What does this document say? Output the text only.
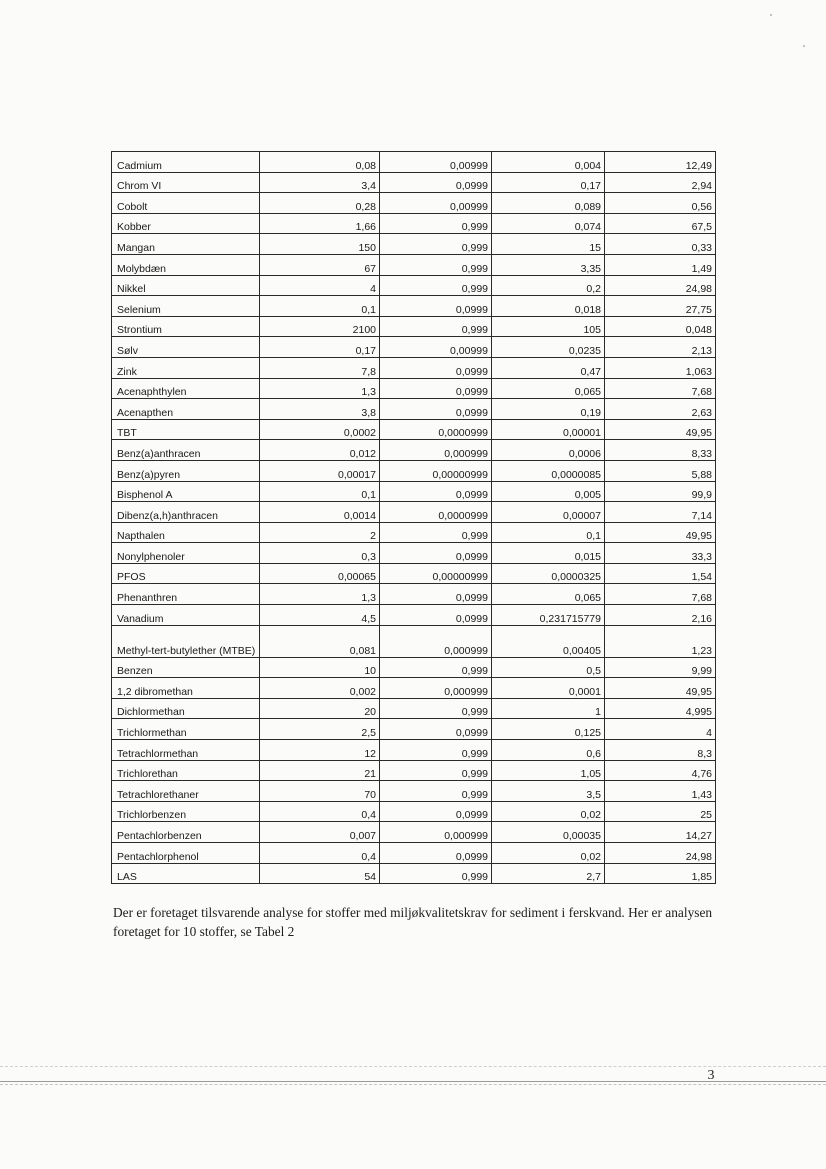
Cadmium	0,08	0,00999	0,004	12,49
Chrom VI	3,4	0,0999	0,17	2,94
Cobolt	0,28	0,00999	0,089	0,56
Kobber	1,66	0,999	0,074	67,5
Mangan	150	0,999	15	0,33
Molybdæn	67	0,999	3,35	1,49
Nikkel	4	0,999	0,2	24,98
Selenium	0,1	0,0999	0,018	27,75
Strontium	2100	0,999	105	0,048
Sølv	0,17	0,00999	0,0235	2,13
Zink	7,8	0,0999	0,47	1,063
Acenaphthylen	1,3	0,0999	0,065	7,68
Acenapthen	3,8	0,0999	0,19	2,63
TBT	0,0002	0,0000999	0,00001	49,95
Benz(a)anthracen	0,012	0,000999	0,0006	8,33
Benz(a)pyren	0,00017	0,00000999	0,0000085	5,88
Bisphenol A	0,1	0,0999	0,005	99,9
Dibenz(a,h)anthracen	0,0014	0,0000999	0,00007	7,14
Napthalen	2	0,999	0,1	49,95
Nonylphenoler	0,3	0,0999	0,015	33,3
PFOS	0,00065	0,00000999	0,0000325	1,54
Phenanthren	1,3	0,0999	0,065	7,68
Vanadium	4,5	0,0999	0,231715779	2,16
Methyl-tert-butylether (MTBE)	0,081	0,000999	0,00405	1,23
Benzen	10	0,999	0,5	9,99
1,2 dibromethan	0,002	0,000999	0,0001	49,95
Dichlormethan	20	0,999	1	4,995
Trichlormethan	2,5	0,0999	0,125	4
Tetrachlormethan	12	0,999	0,6	8,3
Trichlorethan	21	0,999	1,05	4,76
Tetrachlorethaner	70	0,999	3,5	1,43
Trichlorbenzen	0,4	0,0999	0,02	25
Pentachlorbenzen	0,007	0,000999	0,00035	14,27
Pentachlorphenol	0,4	0,0999	0,02	24,98
LAS	54	0,999	2,7	1,85
Der er foretaget tilsvarende analyse for stoffer med miljøkvalitetskrav for sediment i ferskvand. Her er analysen foretaget for 10 stoffer, se Tabel 2
3
